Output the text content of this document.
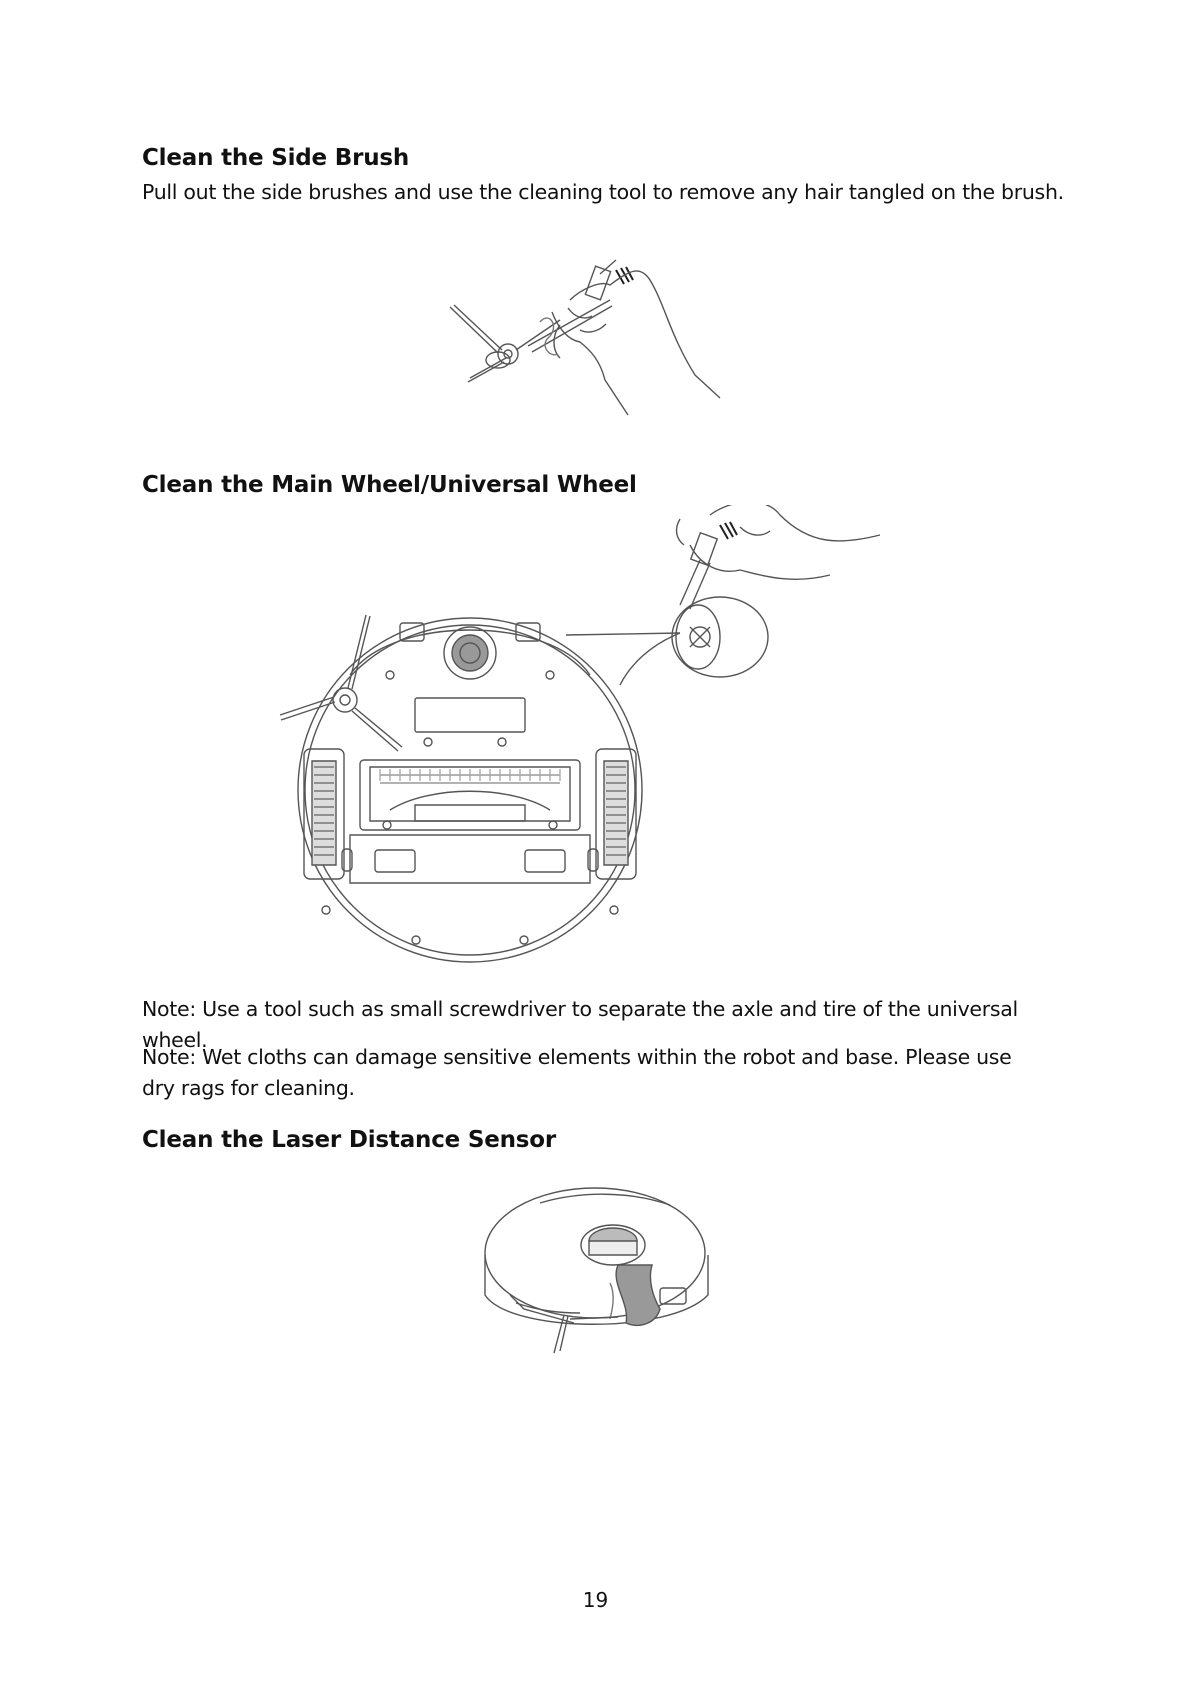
Clean the Side Brush

Pull out the side brushes and use the cleaning tool to remove any hair tangled on the brush.

Clean the Main Wheel/Universal Wheel

Note: Use a tool such as small screwdriver to separate the axle and tire of the universal wheel.

Note: Wet cloths can damage sensitive elements within the robot and base. Please use dry rags for cleaning.

Clean the Laser Distance Sensor
19
